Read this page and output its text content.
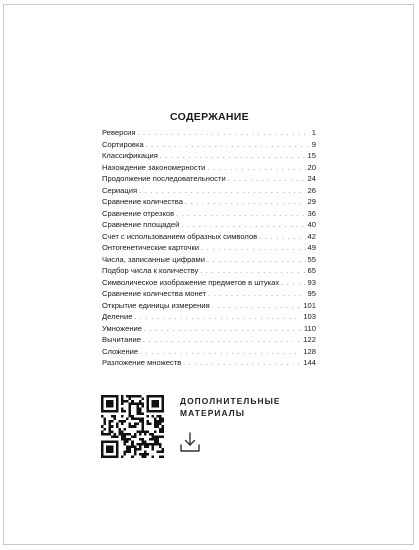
СОДЕРЖАНИЕ
Реверсия . . .	1
Сортировка . . .	9
Классификация . . .	15
Нахождение закономерности . . .	20
Продолжение последовательности . . .	24
Сериация . . .	26
Сравнение количества . . .	29
Сравнение отрезков . . .	36
Сравнение площадей . . .	40
Счет с использованием образных символов . . .	42
Онтогенетические карточки . . .	49
Числа, записанные цифрами . . .	55
Подбор числа к количеству . . .	65
Символическое изображение предметов в штуках . . .	93
Сравнение количества монет . . .	95
Открытие единицы измерения . . .	101
Деление . . .	103
Умножение . . .	110
Вычитание . . .	122
Сложение . . .	128
Разложение множеств . . .	144
ДОПОЛНИТЕЛЬНЫЕ
МАТЕРИАЛЫ
